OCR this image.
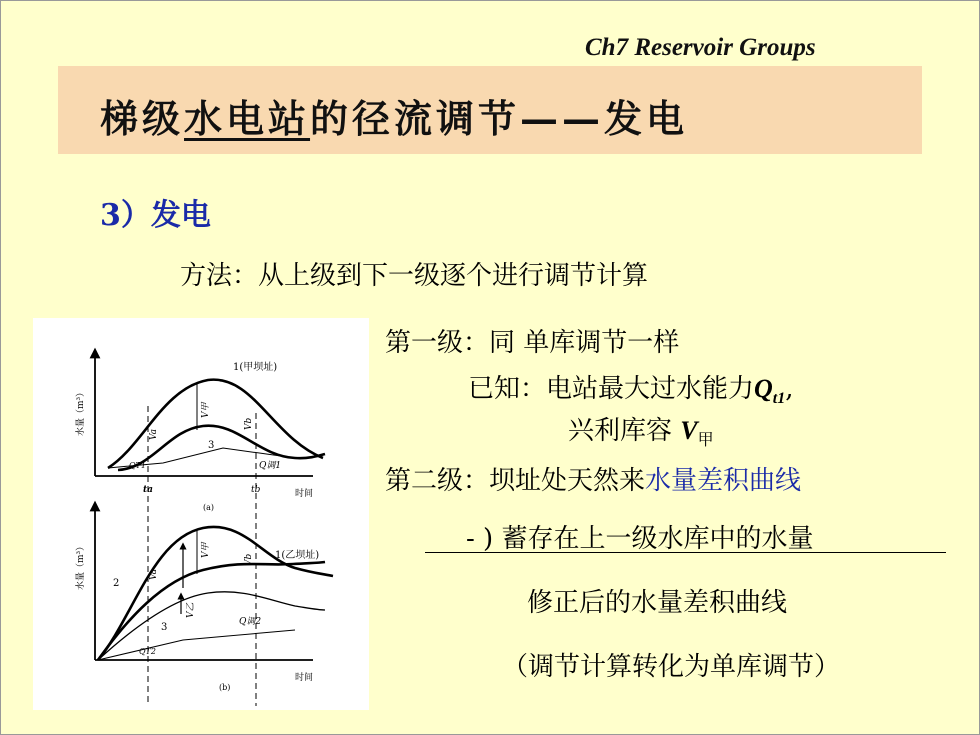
Ch7 Reservoir Groups
梯级水电站的径流调节——发电
3）发电
方法：从上级到下一级逐个进行调节计算
第一级：同 单库调节一样
已知：电站最大过水能力$Q_{t1}$,
兴利库容 $V_甲$
第二级：坝址处天然来水量差积曲线
- ) 蓄存在上一级水库中的水量
修正后的水量差积曲线
（调节计算转化为单库调节）
水量（m³）
时间
(a)
1(甲坝址)
3
Va
V甲
Vb
QT1	Q调1
ta	tb
水量（m³）
时间
(b)
1(乙坝址)
2
3
Va
V甲
Vb
V乙
QT2
Q调2
